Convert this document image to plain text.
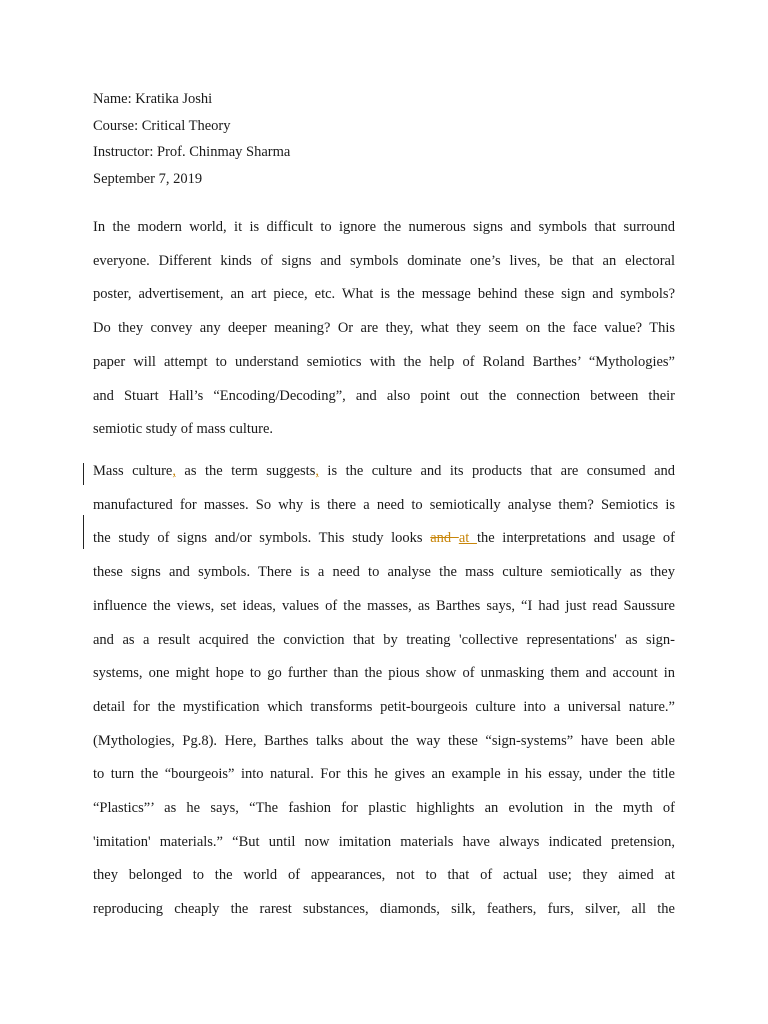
Name: Kratika Joshi
Course: Critical Theory
Instructor: Prof. Chinmay Sharma
September 7, 2019
In the modern world, it is difficult to ignore the numerous signs and symbols that surround
everyone. Different kinds of signs and symbols dominate one’s lives, be that an electoral
poster, advertisement, an art piece, etc. What is the message behind these sign and symbols?
Do they convey any deeper meaning? Or are they, what they seem on the face value? This
paper will attempt to understand semiotics with the help of Roland Barthes’ “Mythologies”
and Stuart Hall’s “Encoding/Decoding”, and also point out the connection between their
semiotic study of mass culture.
Mass culture, as the term suggests, is the culture and its products that are consumed and
manufactured for masses. So why is there a need to semiotically analyse them? Semiotics is
the study of signs and/or symbols. This study looks and at the interpretations and usage of
these signs and symbols. There is a need to analyse the mass culture semiotically as they
influence the views, set ideas, values of the masses, as Barthes says, “I had just read Saussure
and as a result acquired the conviction that by treating 'collective representations' as sign-
systems, one might hope to go further than the pious show of unmasking them and account in
detail for the mystification which transforms petit-bourgeois culture into a universal nature.”
(Mythologies, Pg.8). Here, Barthes talks about the way these “sign-systems” have been able
to turn the “bourgeois” into natural. For this he gives an example in his essay, under the title
“Plastics”’ as he says, “The fashion for plastic highlights an evolution in the myth of
'imitation' materials.” “But until now imitation materials have always indicated pretension,
they belonged to the world of appearances, not to that of actual use; they aimed at
reproducing cheaply the rarest substances, diamonds, silk, feathers, furs, silver, all the
